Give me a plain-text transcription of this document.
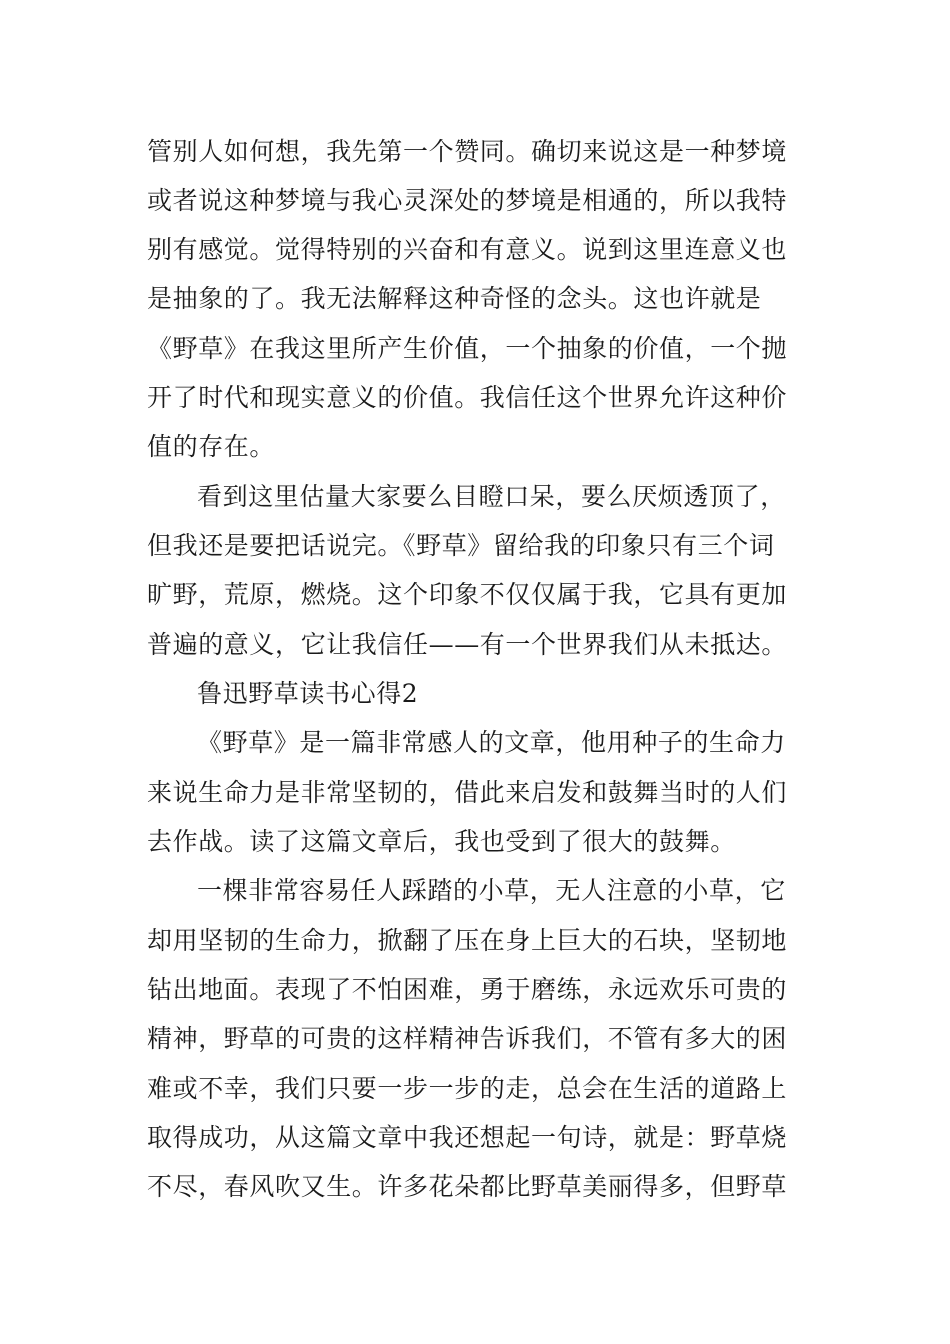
管别人如何想，我先第一个赞同。确切来说这是一种梦境
或者说这种梦境与我心灵深处的梦境是相通的，所以我特
别有感觉。觉得特别的兴奋和有意义。说到这里连意义也
是抽象的了。我无法解释这种奇怪的念头。这也许就是
《野草》在我这里所产生价值，一个抽象的价值，一个抛
开了时代和现实意义的价值。我信任这个世界允许这种价
值的存在。
看到这里估量大家要么目瞪口呆，要么厌烦透顶了，
但我还是要把话说完。《野草》留给我的印象只有三个词
旷野，荒原，燃烧。这个印象不仅仅属于我，它具有更加
普遍的意义，它让我信任——有一个世界我们从未抵达。
鲁迅野草读书心得2
《野草》是一篇非常感人的文章，他用种子的生命力
来说生命力是非常坚韧的，借此来启发和鼓舞当时的人们
去作战。读了这篇文章后，我也受到了很大的鼓舞。
一棵非常容易任人踩踏的小草，无人注意的小草，它
却用坚韧的生命力，掀翻了压在身上巨大的石块，坚韧地
钻出地面。表现了不怕困难，勇于磨练，永远欢乐可贵的
精神，野草的可贵的这样精神告诉我们，不管有多大的困
难或不幸，我们只要一步一步的走，总会在生活的道路上
取得成功，从这篇文章中我还想起一句诗，就是：野草烧
不尽，春风吹又生。许多花朵都比野草美丽得多，但野草
